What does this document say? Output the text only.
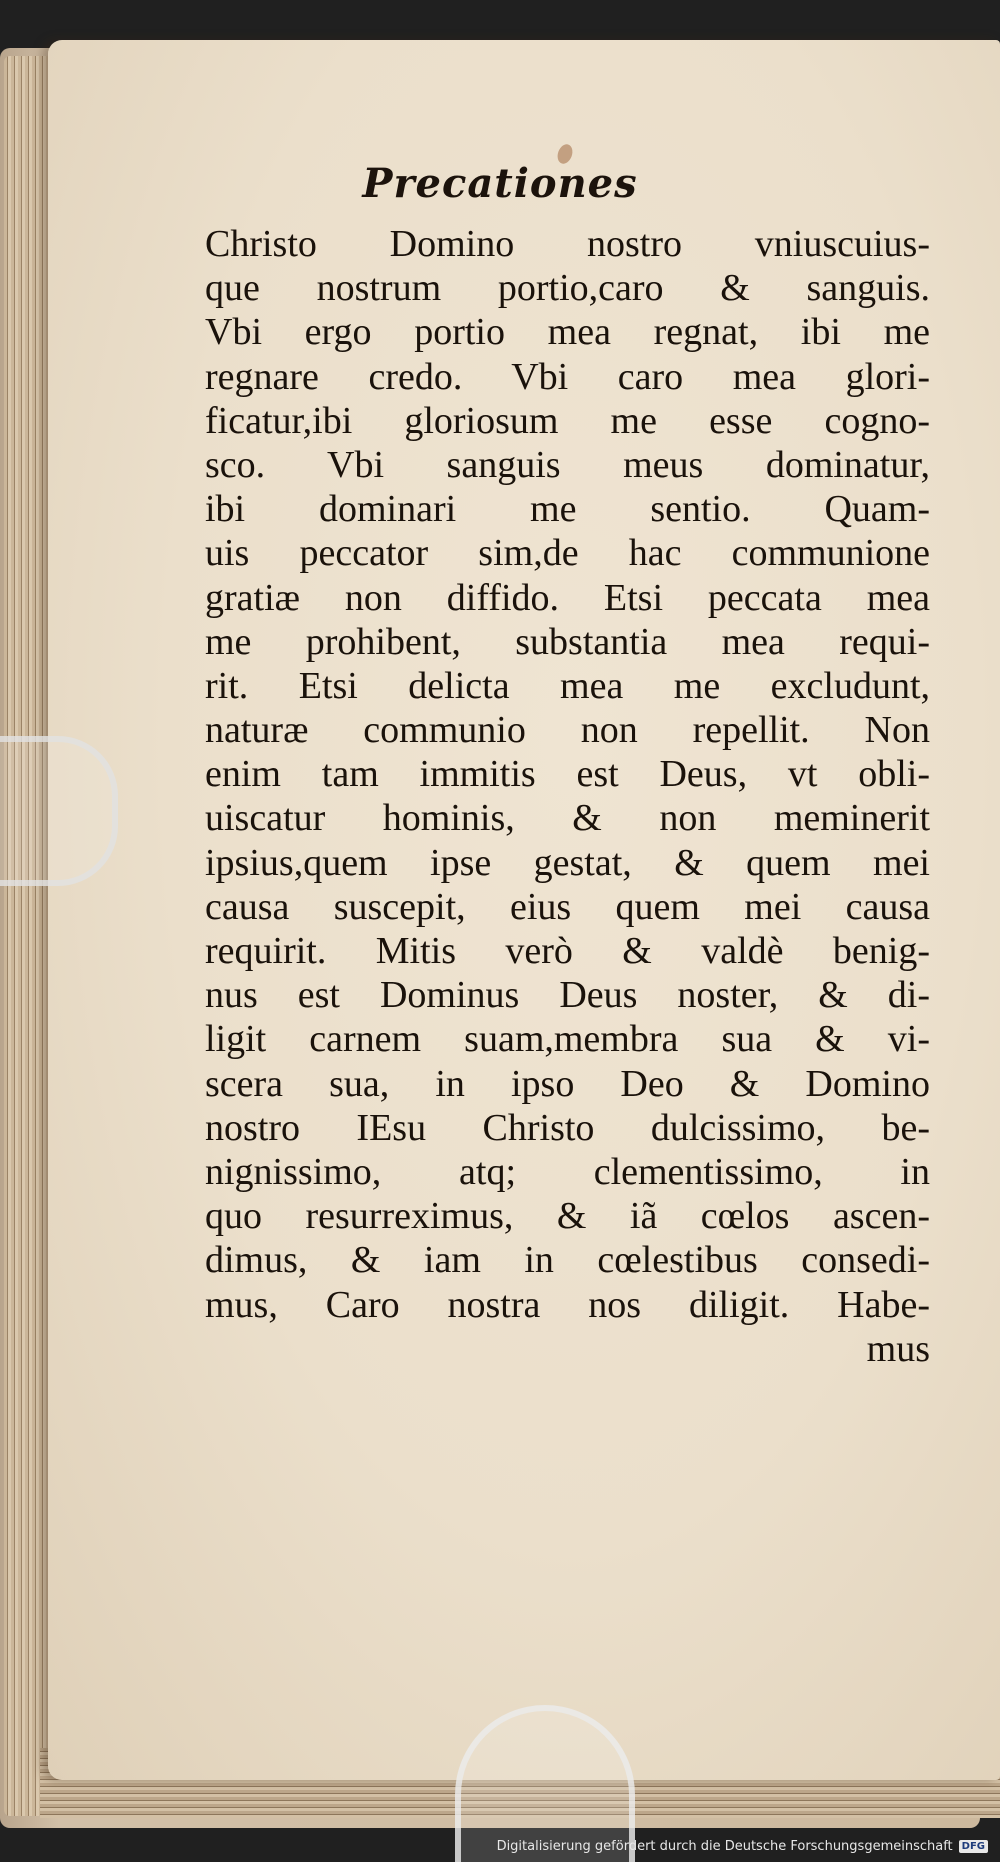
Precationes
Christo Domino nostro vniuscuius-
que nostrum portio,caro & sanguis.
Vbi ergo portio mea regnat, ibi me
regnare credo. Vbi caro mea glori-
ficatur,ibi gloriosum me esse cogno-
sco. Vbi sanguis meus dominatur,
ibi dominari me sentio. Quam-
uis peccator sim,de hac communione
gratiæ non diffido. Etsi peccata mea
me prohibent, substantia mea requi-
rit. Etsi delicta mea me excludunt,
naturæ communio non repellit. Non
enim tam immitis est Deus, vt obli-
uiscatur hominis, & non meminerit
ipsius,quem ipse gestat, & quem mei
causa suscepit, eius quem mei causa
requirit. Mitis verò & valdè benig-
nus est Dominus Deus noster, & di-
ligit carnem suam,membra sua & vi-
scera sua, in ipso Deo & Domino
nostro IEsu Christo dulcissimo, be-
nignissimo, atq; clementissimo, in
quo resurreximus, & iã cœlos ascen-
dimus, & iam in cœlestibus consedi-
mus, Caro nostra nos diligit. Habe-
mus
Digitalisierung gefördert durch die Deutsche Forschungsgemeinschaft DFG
